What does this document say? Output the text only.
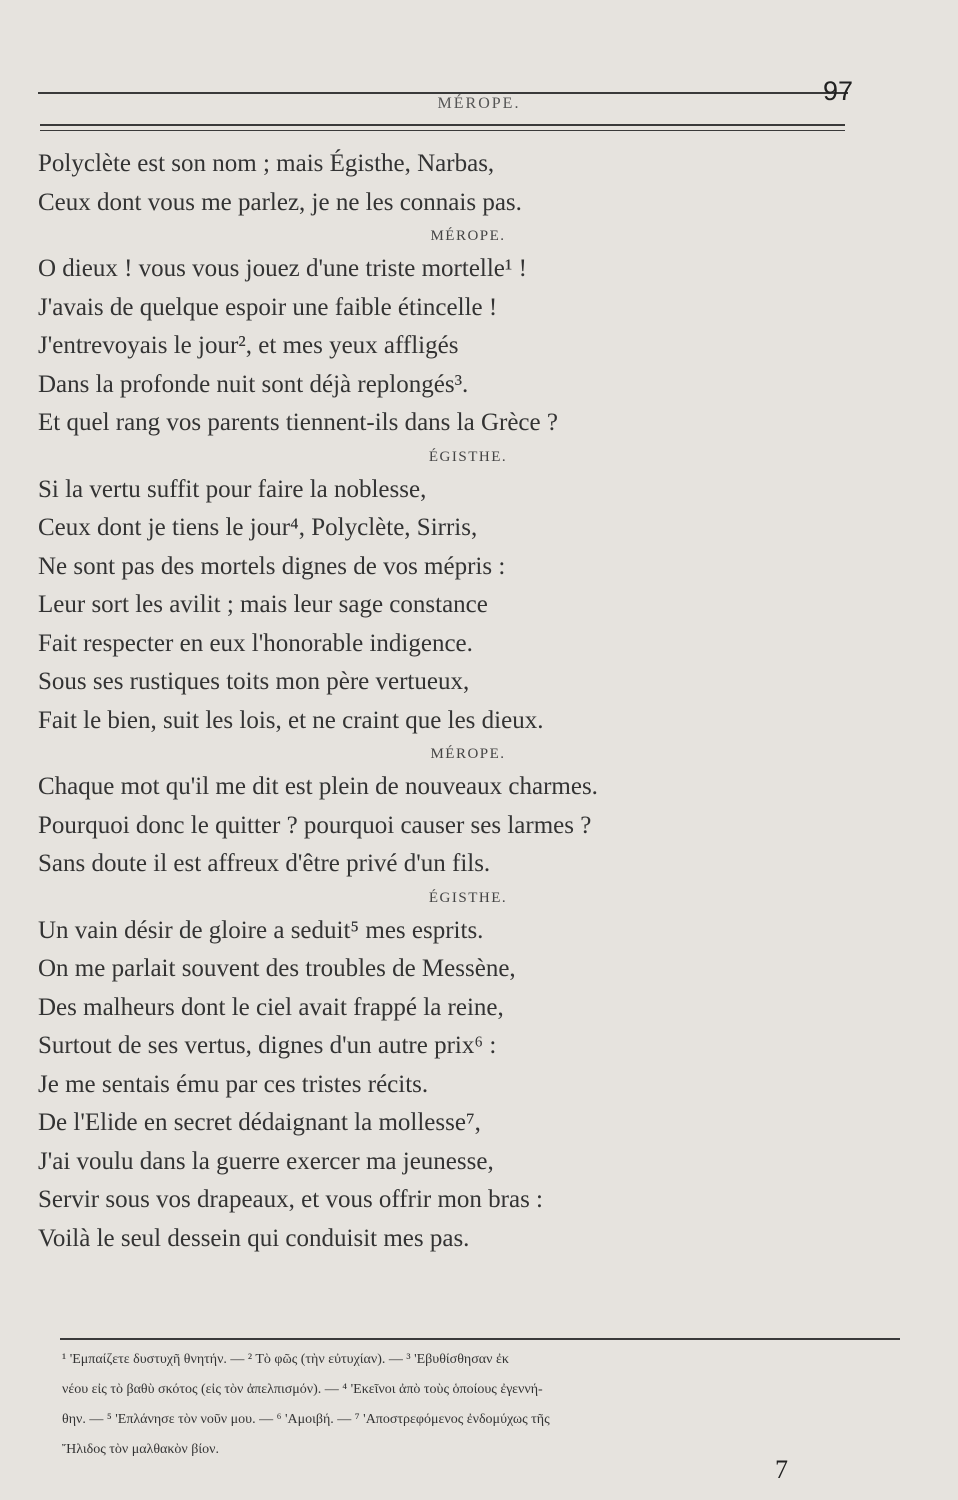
MÉROPE.	97
Polyclète est son nom ; mais Égisthe, Narbas,
Ceux dont vous me parlez, je ne les connais pas.
MÉROPE.
O dieux ! vous vous jouez d'une triste mortelle¹ !
J'avais de quelque espoir une faible étincelle !
J'entrevoyais le jour², et mes yeux affligés
Dans la profonde nuit sont déjà replongés³.
Et quel rang vos parents tiennent-ils dans la Grèce ?
ÉGISTHE.
Si la vertu suffit pour faire la noblesse,
Ceux dont je tiens le jour⁴, Polyclète, Sirris,
Ne sont pas des mortels dignes de vos mépris :
Leur sort les avilit ; mais leur sage constance
Fait respecter en eux l'honorable indigence.
Sous ses rustiques toits mon père vertueux,
Fait le bien, suit les lois, et ne craint que les dieux.
MÉROPE.
Chaque mot qu'il me dit est plein de nouveaux charmes.
Pourquoi donc le quitter ? pourquoi causer ses larmes ?
Sans doute il est affreux d'être privé d'un fils.
ÉGISTHE.
Un vain désir de gloire a seduit⁵ mes esprits.
On me parlait souvent des troubles de Messène,
Des malheurs dont le ciel avait frappé la reine,
Surtout de ses vertus, dignes d'un autre prix⁶ :
Je me sentais ému par ces tristes récits.
De l'Elide en secret dédaignant la mollesse⁷,
J'ai voulu dans la guerre exercer ma jeunesse,
Servir sous vos drapeaux, et vous offrir mon bras :
Voilà le seul dessein qui conduisit mes pas.
¹ 'Εμπαίζετε δυστυχῆ θνητήν. — ² Τὸ φῶς (τὴν εὐτυχίαν). — ³ 'Εβυθίσθησαν ἐκ
νέου εἰς τὸ βαθὺ σκότος (εἰς τὸν ἀπελπισμόν). — ⁴ 'Εκεῖνοι ἀπὸ τοὺς ὁποίους ἐγεννή-
θην. — ⁵ 'Επλάνησε τὸν νοῦν μου. — ⁶ 'Αμοιβή. — ⁷ 'Αποστρεφόμενος ἐνδομύχως τῆς
Ἤλιδος τὸν μαλθακὸν βίον.
7
